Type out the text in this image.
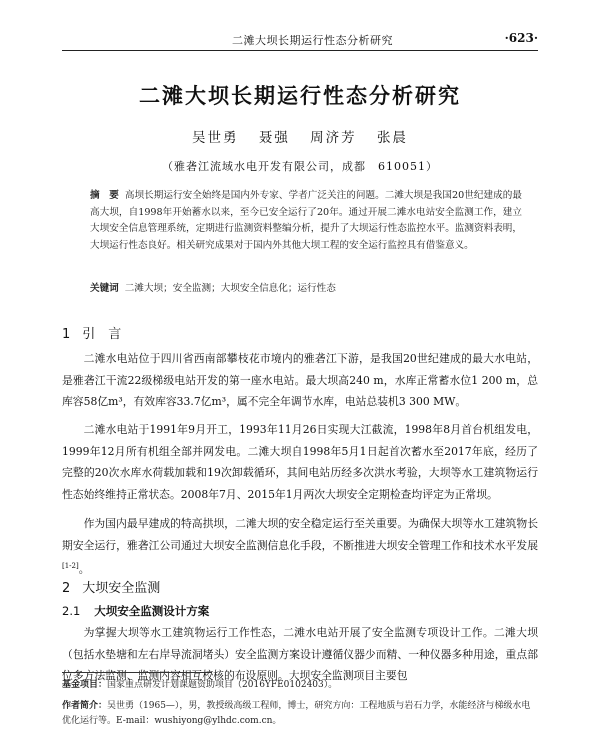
二滩大坝长期运行性态分析研究	·623·
二滩大坝长期运行性态分析研究
吴世勇 聂强 周济芳 张晨
（雅砻江流域水电开发有限公司，成都　610051）
摘　要 高坝长期运行安全始终是国内外专家、学者广泛关注的问题。二滩大坝是我国20世纪建成的最高大坝，自1998年开始蓄水以来，至今已安全运行了20年。通过开展二滩水电站安全监测工作，建立大坝安全信息管理系统，定期进行监测资料整编分析，提升了大坝运行性态监控水平。监测资料表明，大坝运行性态良好。相关研究成果对于国内外其他大坝工程的安全运行监控具有借鉴意义。
关键词 二滩大坝；安全监测；大坝安全信息化；运行性态
1 引　言
二滩水电站位于四川省西南部攀枝花市境内的雅砻江下游，是我国20世纪建成的最大水电站，是雅砻江干流22级梯级电站开发的第一座水电站。最大坝高240 m，水库正常蓄水位1 200 m，总库容58亿m³，有效库容33.7亿m³，属不完全年调节水库，电站总装机3 300 MW。
二滩水电站于1991年9月开工，1993年11月26日实现大江截流，1998年8月首台机组发电，1999年12月所有机组全部并网发电。二滩大坝自1998年5月1日起首次蓄水至2017年底，经历了完整的20次水库水荷载加载和19次卸载循环，其间电站历经多次洪水考验，大坝等水工建筑物运行性态始终维持正常状态。2008年7月、2015年1月两次大坝安全定期检查均评定为正常坝。
作为国内最早建成的特高拱坝，二滩大坝的安全稳定运行至关重要。为确保大坝等水工建筑物长期安全运行，雅砻江公司通过大坝安全监测信息化手段，不断推进大坝安全管理工作和技术水平发展[1-2]。
2 大坝安全监测
2.1 大坝安全监测设计方案
为掌握大坝等水工建筑物运行工作性态，二滩水电站开展了安全监测专项设计工作。二滩大坝（包括水垫塘和左右岸导流洞堵头）安全监测方案设计遵循仪器少而精、一种仪器多种用途，重点部位多方法监测、监测内容相互校核的布设原则。大坝安全监测项目主要包
基金项目：国家重点研发计划课题资助项目（2016YFE0102403）。
作者简介：吴世勇（1965—），男，教授级高级工程师，博士，研究方向：工程地质与岩石力学，水能经济与梯级水电优化运行等。E-mail：wushiyong@ylhdc.com.cn。
